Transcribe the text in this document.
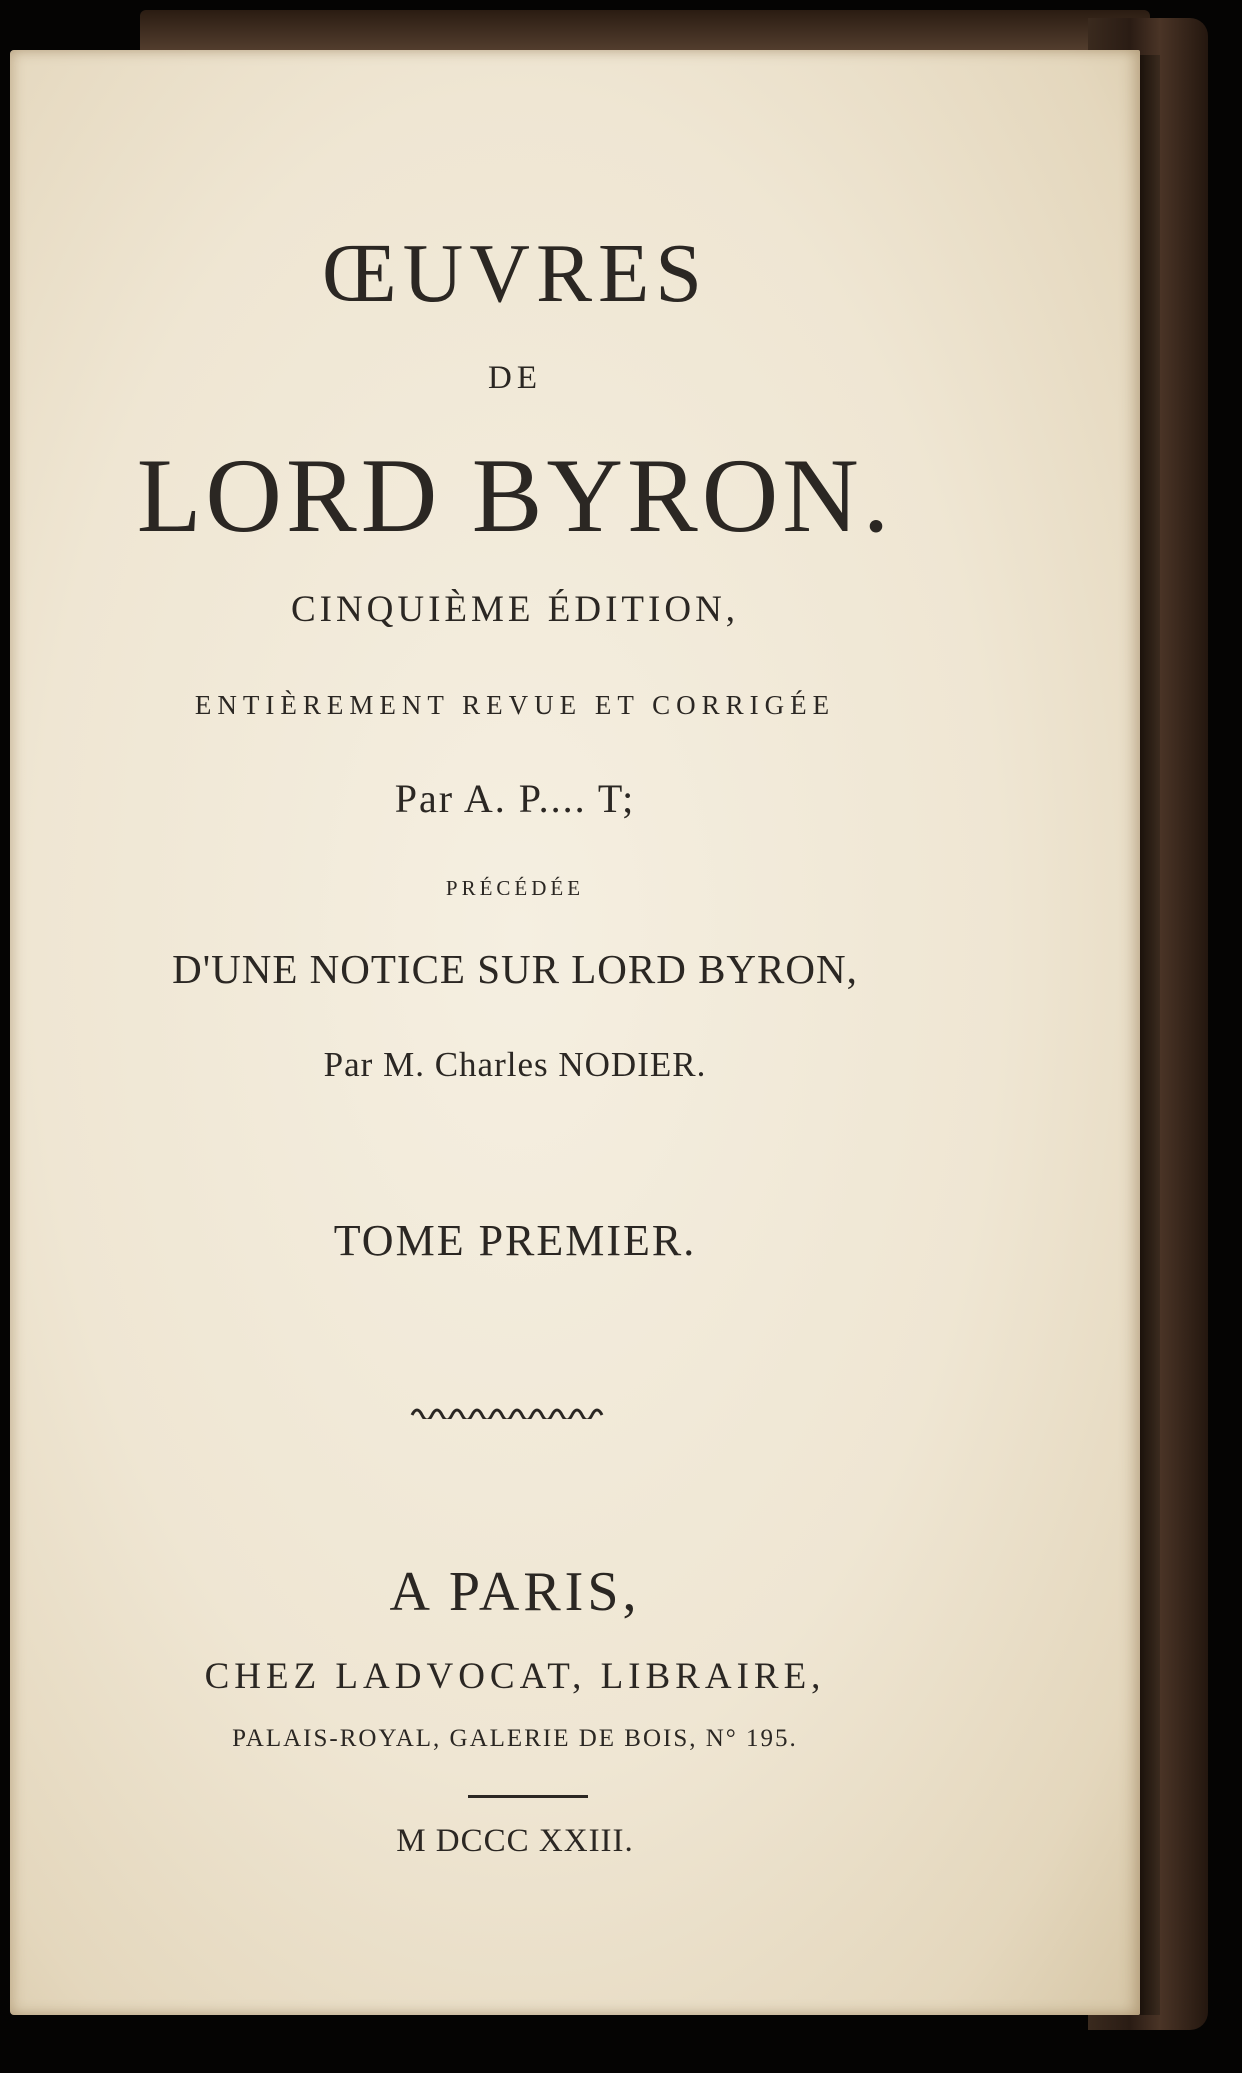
ŒUVRES
DE
LORD BYRON.
CINQUIÈME ÉDITION,
ENTIÈREMENT REVUE ET CORRIGÉE
Par A. P.... T;
PRÉCÉDÉE
D'UNE NOTICE SUR LORD BYRON,
Par M. Charles NODIER.
TOME PREMIER.
A PARIS,
CHEZ LADVOCAT, LIBRAIRE,
PALAIS-ROYAL, GALERIE DE BOIS, N° 195.
M DCCC XXIII.
